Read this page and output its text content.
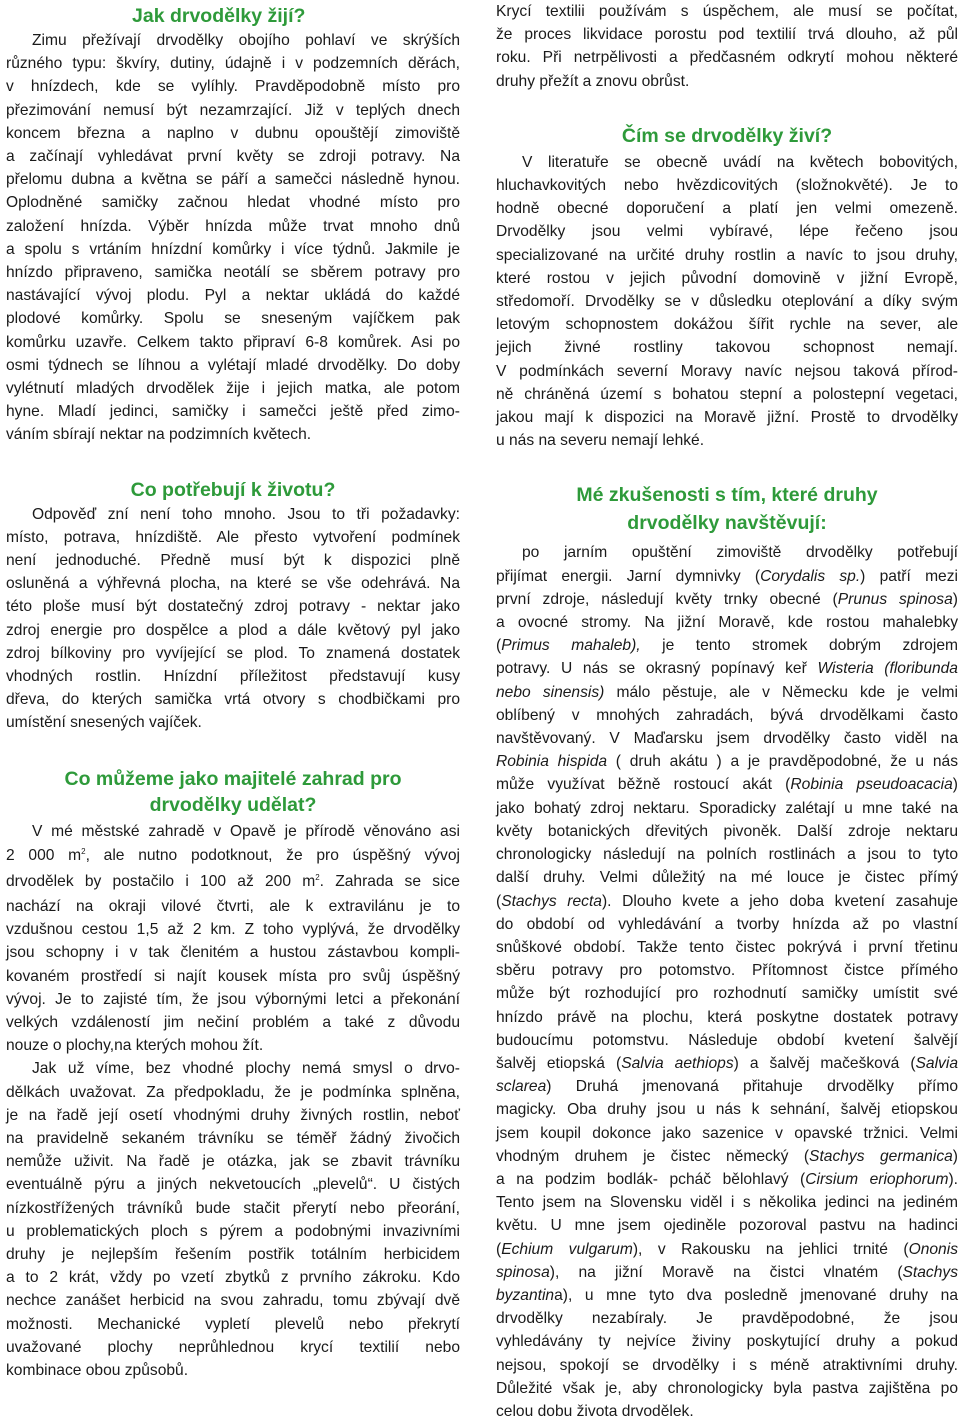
Jak drvodělky žijí?
Zimu přežívají drvodělky obojího pohlaví ve skrýších
různého typu: škvíry, dutiny, údajně i v podzemních děrách,
v hnízdech, kde se vylíhly. Pravděpodobně místo pro
přezimování nemusí být nezamrzající. Již v teplých dnech
koncem března a naplno v dubnu opouštějí zimoviště
a začínají vyhledávat první květy se zdroji potravy. Na
přelomu dubna a května se páří a samečci následně hynou.
Oplodněné samičky začnou hledat vhodné místo pro
založení hnízda. Výběr hnízda může trvat mnoho dnů
a spolu s vrtáním hnízdní komůrky i více týdnů. Jakmile je
hnízdo připraveno, samička neotálí se sběrem potravy pro
nastávající vývoj plodu. Pyl a nektar ukládá do každé
plodové komůrky. Spolu se sneseným vajíčkem pak
komůrku uzavře. Celkem takto připraví 6-8 komůrek. Asi po
osmi týdnech se líhnou a vylétají mladé drvodělky. Do doby
vylétnutí mladých drvodělek žije i jejich matka, ale potom
hyne. Mladí jedinci, samičky i samečci ještě před zimo-
váním sbírají nektar na podzimních květech.
Co potřebují k životu?
Odpověď zní není toho mnoho. Jsou to tři požadavky:
místo, potrava, hnízdiště. Ale přesto vytvoření podmínek
není jednoduché. Předně musí být k dispozici plně
osluněná a výhřevná plocha, na které se vše odehrává. Na
této ploše musí být dostatečný zdroj potravy - nektar jako
zdroj energie pro dospělce a plod a dále květový pyl jako
zdroj bílkoviny pro vyvíjející se plod. To znamená dostatek
vhodných rostlin. Hnízdní příležitost představují kusy
dřeva, do kterých samička vrtá otvory s chodbičkami pro
umístění snesených vajíček.
Co můžeme jako majitelé zahrad pro
drvodělky udělat?
V mé městské zahradě v Opavě je přírodě věnováno asi
2 000 $m^2$, ale nutno podotknout, že pro úspěšný vývoj
drvodělek by postačilo i 100 až 200 $m^2$. Zahrada se sice
nachází na okraji vilové čtvrti, ale k extravilánu je to
vzdušnou cestou 1,5 až 2 km. Z toho vyplývá, že drvodělky
jsou schopny i v tak členitém a hustou zástavbou kompli-
kovaném prostředí si najít kousek místa pro svůj úspěšný
vývoj. Je to zajisté tím, že jsou výbornými letci a překonání
velkých vzdáleností jim nečiní problém a také z důvodu
nouze o plochy,na kterých mohou žít.
Jak už víme, bez vhodné plochy nemá smysl o drvo-
dělkách uvažovat. Za předpokladu, že je podmínka splněna,
je na řadě její osetí vhodnými druhy živných rostlin, neboť
na pravidelně sekaném trávníku se téměř žádný živočich
nemůže uživit. Na řadě je otázka, jak se zbavit trávníku
eventuálně pýru a jiných nekvetoucích „plevelů“. U čistých
nízkostřížených trávníků bude stačit přerytí nebo přeorání,
u problematických ploch s pýrem a podobnými invazivními
druhy je nejlepším řešením postřik totálním herbicidem
a to 2 krát, vždy po vzetí zbytků z prvního zákroku. Kdo
nechce zanášet herbicid na svou zahradu, tomu zbývají dvě
možnosti. Mechanické vypletí plevelů nebo překrytí
uvažované plochy neprůhlednou krycí textilií nebo
kombinace obou způsobů.
Krycí textilii používám s úspěchem, ale musí se počítat,
že proces likvidace porostu pod textilií trvá dlouho, až půl
roku. Při netrpělivosti a předčasném odkrytí mohou některé
druhy přežít a znovu obrůst.
Čím se drvodělky živí?
V literatuře se obecně uvádí na květech bobovitých,
hluchavkovitých nebo hvězdicovitých (složnokvěté). Je to
hodně obecné doporučení a platí jen velmi omezeně.
Drvodělky jsou velmi vybíravé, lépe řečeno jsou
specializované na určité druhy rostlin a navíc to jsou druhy,
které rostou v jejich původní domovině v jižní Evropě,
středomoří. Drvodělky se v důsledku oteplování a díky svým
letovým schopnostem dokážou šířit rychle na sever, ale
jejich živné rostliny takovou schopnost nemají.
V podmínkách severní Moravy navíc nejsou taková přírod-
ně chráněná území s bohatou stepní a polostepní vegetaci,
jakou mají k dispozici na Moravě jižní. Prostě to drvodělky
u nás na severu nemají lehké.
Mé zkušenosti s tím, které druhy
drvodělky navštěvují:
po jarním opuštění zimoviště drvodělky potřebují
přijímat energii. Jarní dymnivky (Corydalis sp.) patří mezi
první zdroje, následují květy trnky obecné (Prunus spinosa)
a ovocné stromy. Na jižní Moravě, kde rostou mahalebky
(Primus mahaleb), je tento stromek dobrým zdrojem
potravy. U nás se okrasný popínavý keř Wisteria (floribunda
nebo sinensis) málo pěstuje, ale v Německu kde je velmi
oblíbený v mnohých zahradách, bývá drvodělkami často
navštěvovaný. V Maďarsku jsem drvodělky často viděl na
Robinia hispida ( druh akátu ) a je pravděpodobné, že u nás
může využívat běžně rostoucí akát (Robinia pseudoacacia)
jako bohatý zdroj nektaru. Sporadicky zalétají u mne také na
květy botanických dřevitých pivoněk. Další zdroje nektaru
chronologicky následují na polních rostlinách a jsou to tyto
další druhy. Velmi důležitý na mé louce je čistec přímý
(Stachys recta). Dlouho kvete a jeho doba kvetení zasahuje
do období od vyhledávání a tvorby hnízda až po vlastní
snůškové období. Takže tento čistec pokrývá i první třetinu
sběru potravy pro potomstvo. Přítomnost čistce přímého
může být rozhodující pro rozhodnutí samičky umístit své
hnízdo právě na plochu, která poskytne dostatek potravy
budoucímu potomstvu. Následuje období kvetení šalvějí
šalvěj etiopská (Salvia aethiops) a šalvěj mačešková (Salvia
sclarea) Druhá jmenovaná přitahuje drvodělky přímo
magicky. Oba druhy jsou u nás k sehnání, šalvěj etiopskou
jsem koupil dokonce jako sazenice v opavské tržnici. Velmi
vhodným druhem je čistec německý (Stachys germanica)
a na podzim bodlák- pcháč bělohlavý (Cirsium eriophorum).
Tento jsem na Slovensku viděl i s několika jedinci na jediném
květu. U mne jsem ojediněle pozoroval pastvu na hadinci
(Echium vulgarum), v Rakousku na jehlici trnité (Ononis
spinosa), na jižní Moravě na čistci vlnatém (Stachys
byzantina), u mne tyto dva posledně jmenované druhy na
drvodělky nezabíraly. Je pravděpodobné, že jsou
vyhledávány ty nejvíce živiny poskytující druhy a pokud
nejsou, spokojí se drvodělky i s méně atraktivními druhy.
Důležité však je, aby chronologicky byla pastva zajištěna po
celou dobu života drvodělek.
